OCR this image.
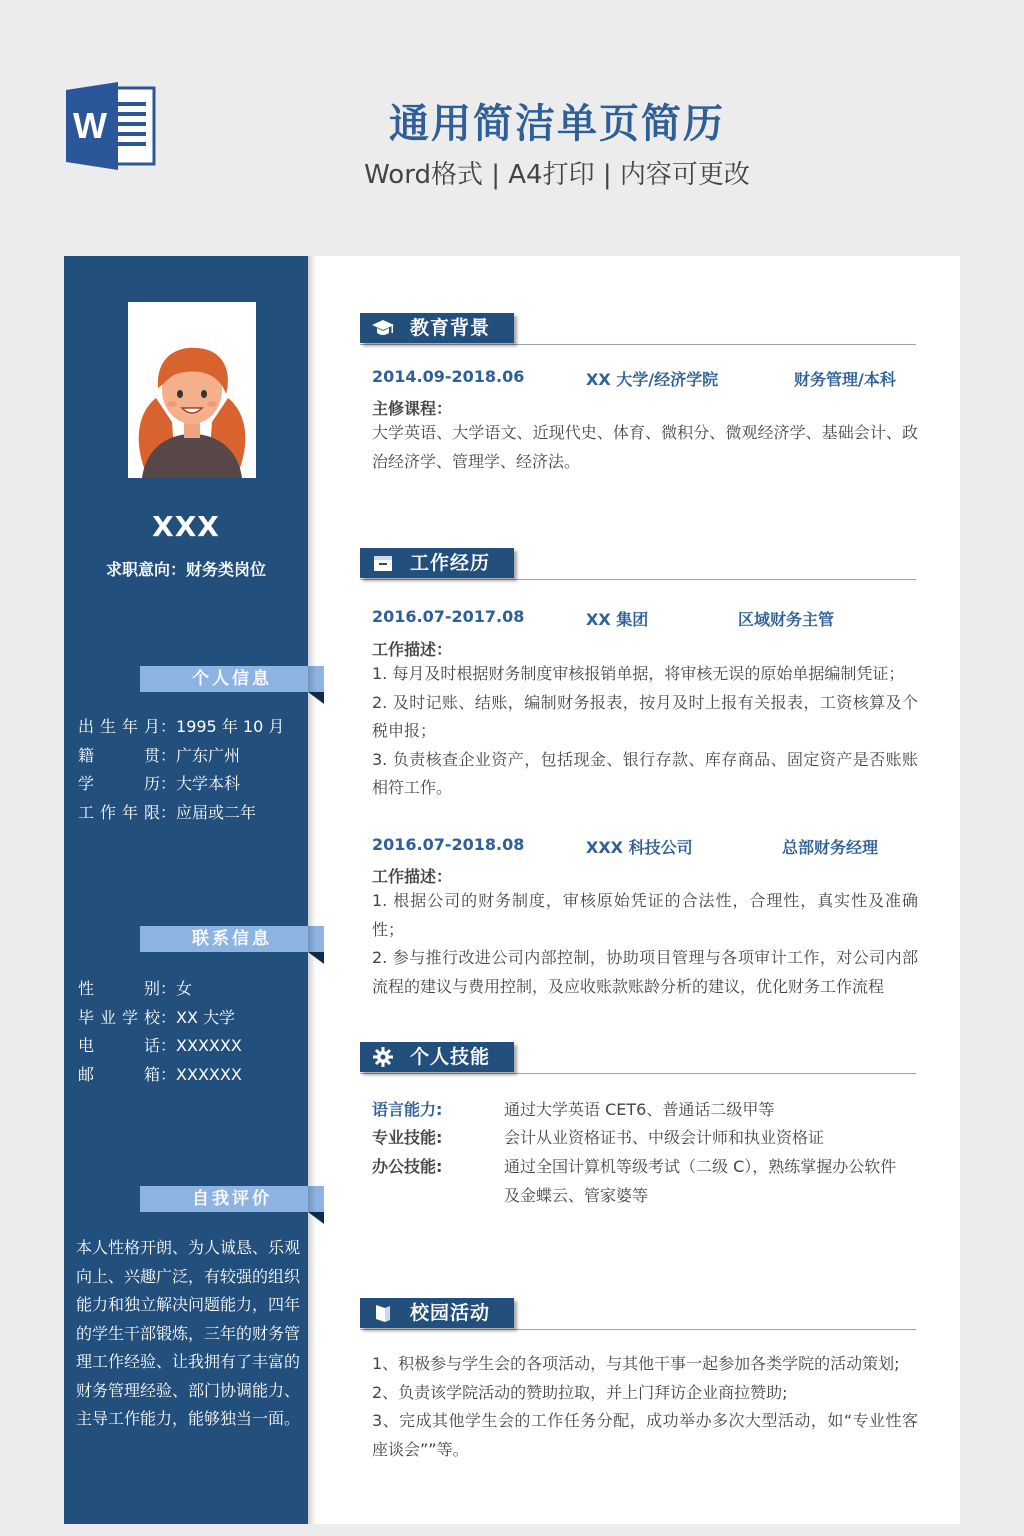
W	通用简洁单页简历
Word格式 | A4打印 | 内容可更改
XXX
求职意向：财务类岗位
个人信息
出生年月：1995 年 10 月
籍贯：广东广州
学历：大学本科
工作年限：应届或二年
联系信息
性别：女
毕业学校：XX 大学
电话：XXXXXX
邮箱：XXXXXX
自我评价
本人性格开朗、为人诚恳、乐观向上、兴趣广泛，有较强的组织能力和独立解决问题能力，四年的学生干部锻炼，三年的财务管理工作经验、让我拥有了丰富的财务管理经验、部门协调能力、主导工作能力，能够独当一面。
教育背景
2014.09-2018.06	XX 大学/经济学院	财务管理/本科
主修课程：
大学英语、大学语文、近现代史、体育、微积分、微观经济学、基础会计、政治经济学、管理学、经济法。
工作经历
2016.07-2017.08	XX 集团	区域财务主管
工作描述：
1. 每月及时根据财务制度审核报销单据，将审核无误的原始单据编制凭证；
2. 及时记账、结账，编制财务报表，按月及时上报有关报表，工资核算及个税申报；
3. 负责核查企业资产，包括现金、银行存款、库存商品、固定资产是否账账相符工作。
2016.07-2018.08	XXX 科技公司	总部财务经理
工作描述：
1. 根据公司的财务制度，审核原始凭证的合法性，合理性，真实性及准确性；
2. 参与推行改进公司内部控制，协助项目管理与各项审计工作，对公司内部流程的建议与费用控制，及应收账款账龄分析的建议，优化财务工作流程
个人技能
语言能力:	通过大学英语 CET6、普通话二级甲等
专业技能:	会计从业资格证书、中级会计师和执业资格证
办公技能:	通过全国计算机等级考试（二级 C），熟练掌握办公软件及金蝶云、管家婆等
校园活动
1、积极参与学生会的各项活动，与其他干事一起参加各类学院的活动策划;
2、负责该学院活动的赞助拉取，并上门拜访企业商拉赞助;
3、完成其他学生会的工作任务分配，成功举办多次大型活动，如“专业性客座谈会””等。
